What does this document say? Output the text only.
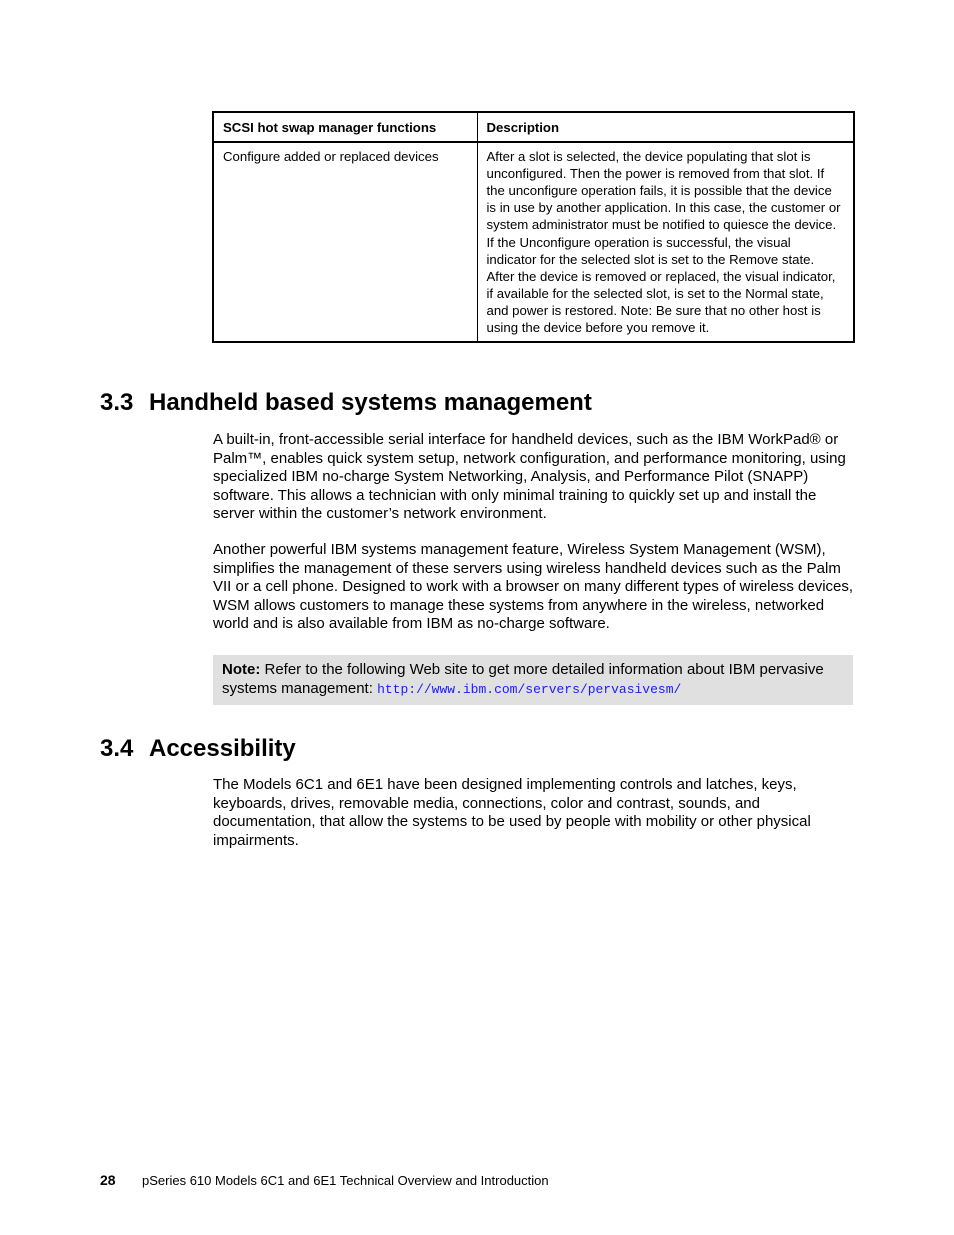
SCSI hot swap manager functions	Description
Configure added or replaced devices	After a slot is selected, the device populating that slot is unconfigured. Then the power is removed from that slot. If the unconfigure operation fails, it is possible that the device is in use by another application. In this case, the customer or system administrator must be notified to quiesce the device. If the Unconfigure operation is successful, the visual indicator for the selected slot is set to the Remove state. After the device is removed or replaced, the visual indicator, if available for the selected slot, is set to the Normal state, and power is restored. Note: Be sure that no other host is using the device before you remove it.
3.3 Handheld based systems management

A built-in, front-accessible serial interface for handheld devices, such as the IBM WorkPad® or Palm™, enables quick system setup, network configuration, and performance monitoring, using specialized IBM no-charge System Networking, Analysis, and Performance Pilot (SNAPP) software. This allows a technician with only minimal training to quickly set up and install the server within the customer’s network environment.

Another powerful IBM systems management feature, Wireless System Management (WSM), simplifies the management of these servers using wireless handheld devices such as the Palm VII or a cell phone. Designed to work with a browser on many different types of wireless devices, WSM allows customers to manage these systems from anywhere in the wireless, networked world and is also available from IBM as no-charge software.

Note: Refer to the following Web site to get more detailed information about IBM pervasive systems management: http://www.ibm.com/servers/pervasivesm/
3.4 Accessibility

The Models 6C1 and 6E1 have been designed implementing controls and latches, keys, keyboards, drives, removable media, connections, color and contrast, sounds, and documentation, that allow the systems to be used by people with mobility or other physical impairments.

28 pSeries 610 Models 6C1 and 6E1 Technical Overview and Introduction
